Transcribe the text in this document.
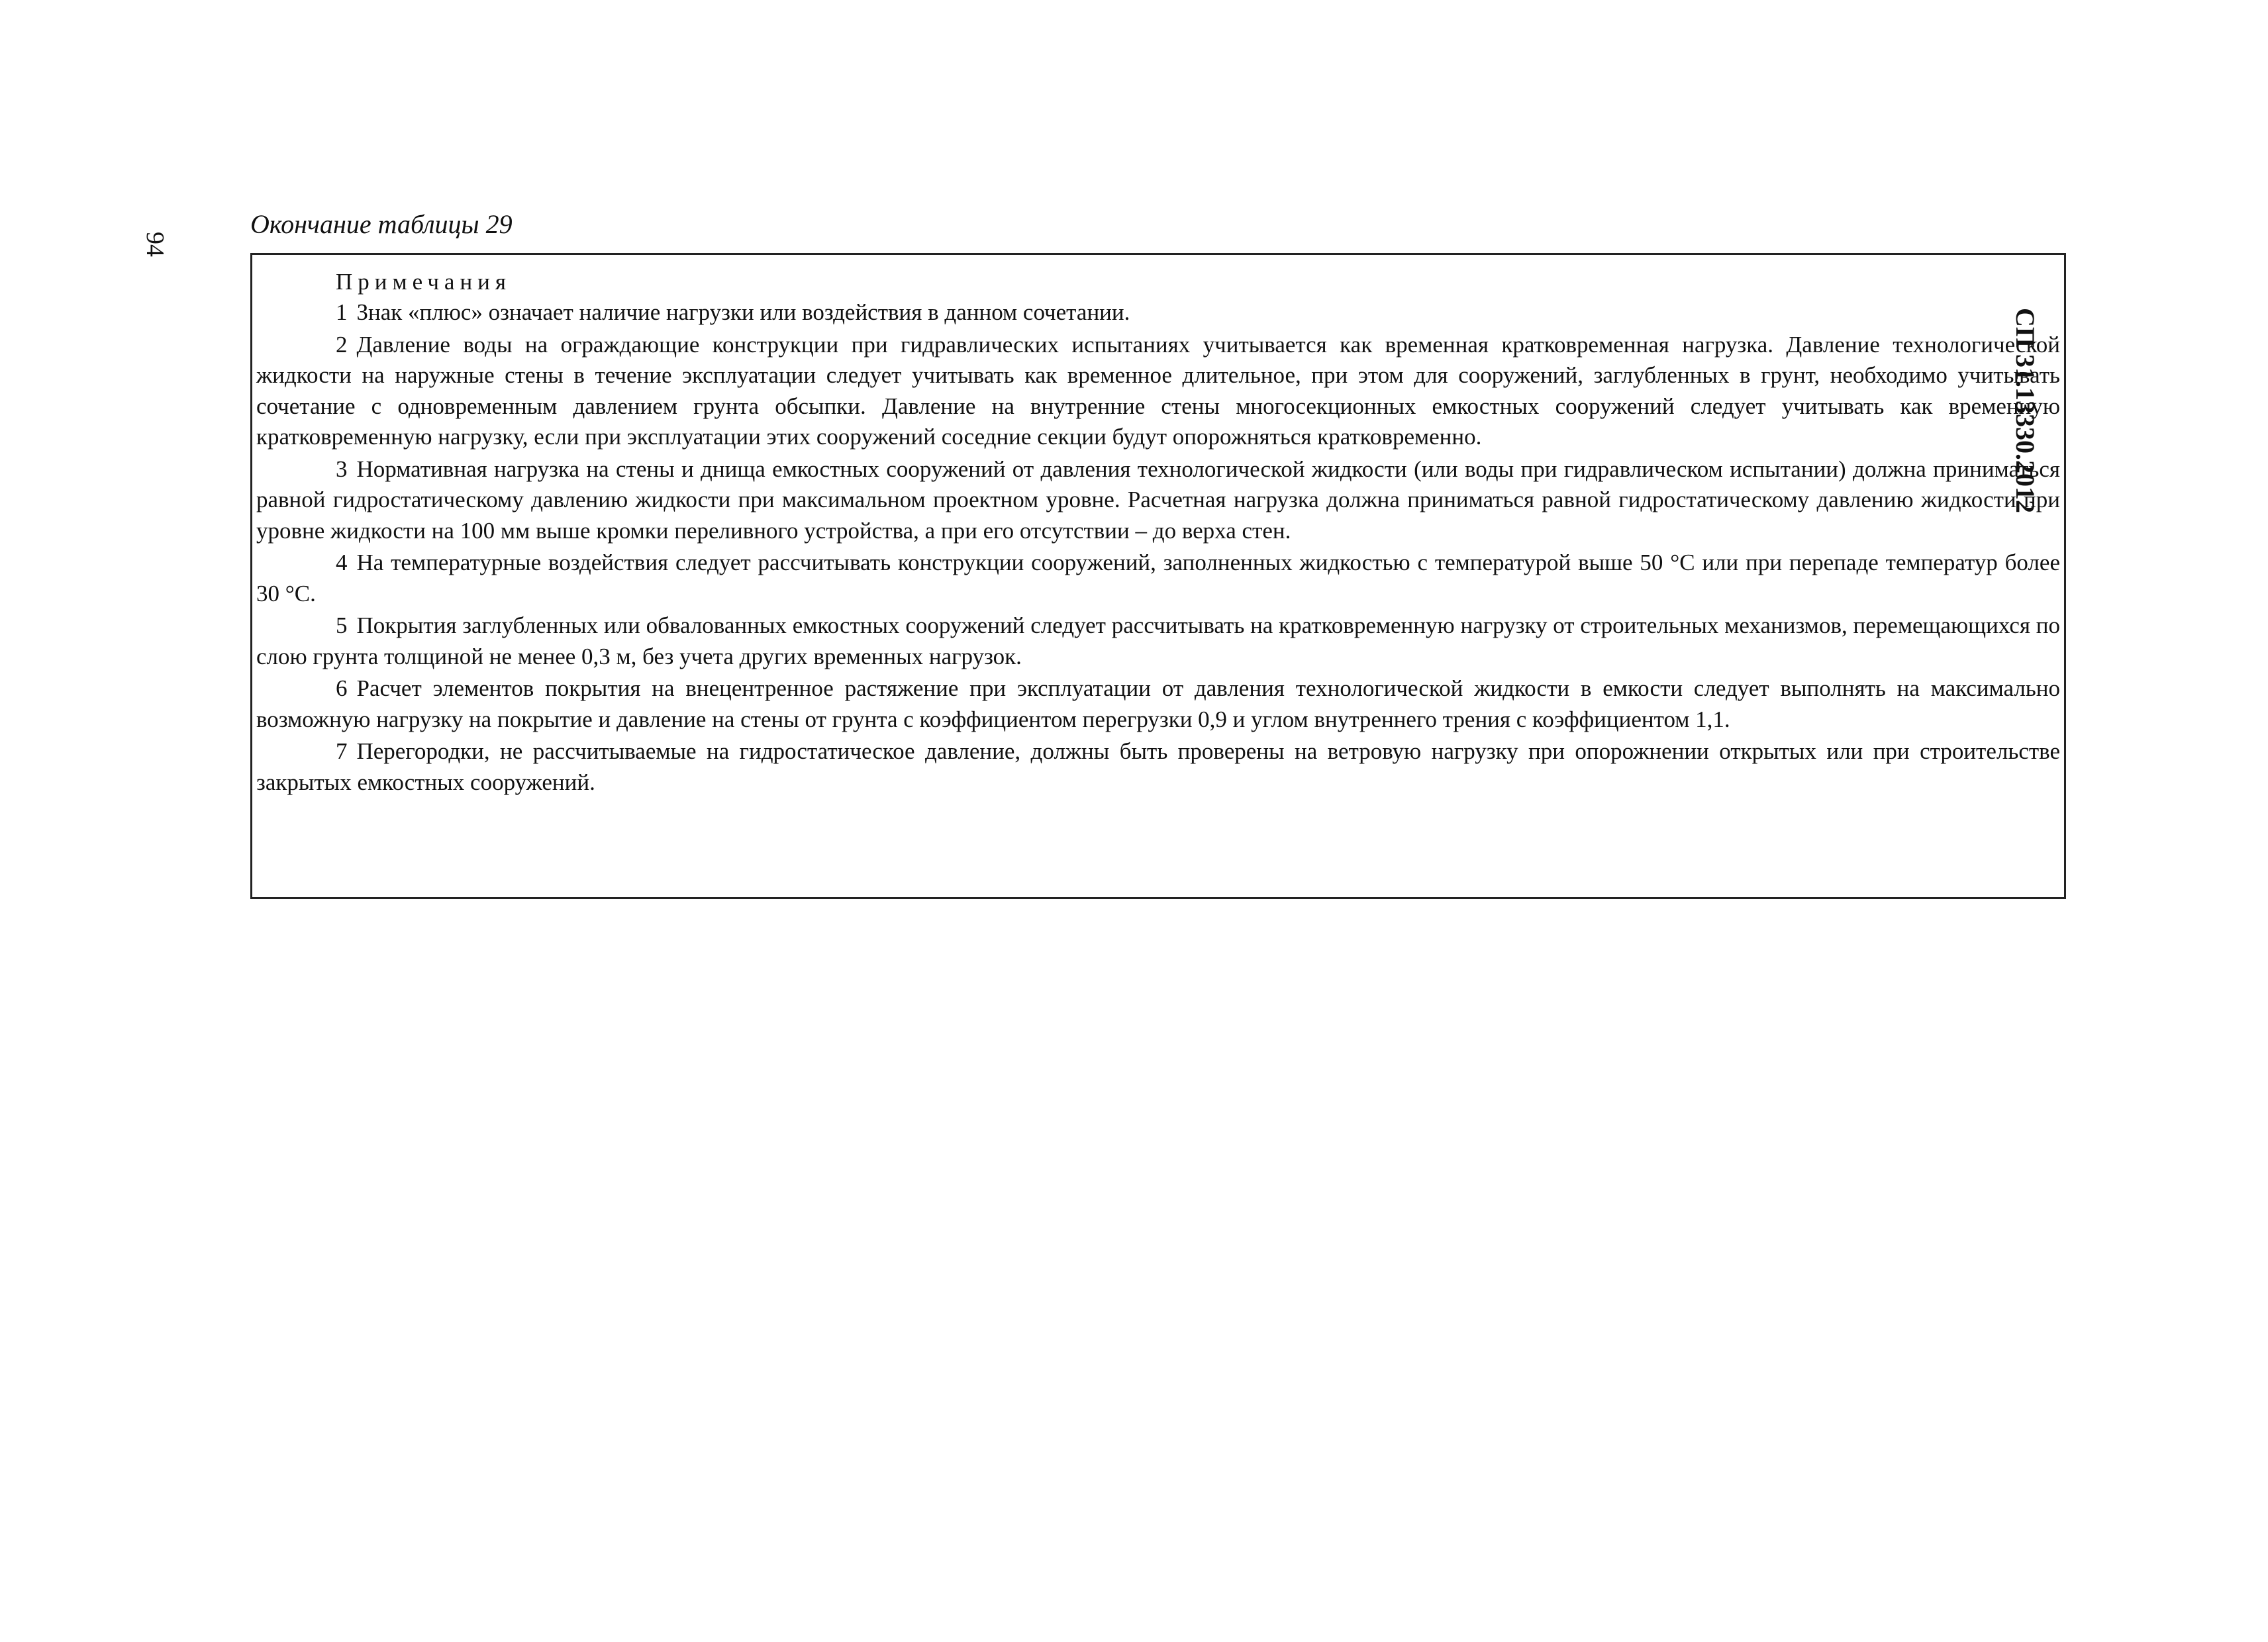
94
СП 31.13330.2012
Окончание таблицы 29
Примечания

1 Знак «плюс» означает наличие нагрузки или воздействия в данном сочетании.

2 Давление воды на ограждающие конструкции при гидравлических испытаниях учитывается как временная кратковременная нагрузка. Давление технологической жидкости на наружные стены в течение эксплуатации следует учитывать как временное длительное, при этом для сооружений, заглубленных в грунт, необходимо учитывать сочетание с одновременным давлением грунта обсыпки. Давление на внутренние стены многосекционных емкостных сооружений следует учитывать как временную кратковременную нагрузку, если при эксплуатации этих сооружений соседние секции будут опорожняться кратковременно.

3 Нормативная нагрузка на стены и днища емкостных сооружений от давления технологической жидкости (или воды при гидравлическом испытании) должна приниматься равной гидростатическому давлению жидкости при максимальном проектном уровне. Расчетная нагрузка должна приниматься равной гидростатическому давлению жидкости при уровне жидкости на 100 мм выше кромки переливного устройства, а при его отсутствии – до верха стен.

4 На температурные воздействия следует рассчитывать конструкции сооружений, заполненных жидкостью с температурой выше 50 °С или при перепаде температур более 30 °С.

5 Покрытия заглубленных или обвалованных емкостных сооружений следует рассчитывать на кратковременную нагрузку от строительных механизмов, перемещающихся по слою грунта толщиной не менее 0,3 м, без учета других временных нагрузок.

6 Расчет элементов покрытия на внецентренное растяжение при эксплуатации от давления технологической жидкости в емкости следует выполнять на максимально возможную нагрузку на покрытие и давление на стены от грунта с коэффициентом перегрузки 0,9 и углом внутреннего трения с коэффициентом 1,1.

7 Перегородки, не рассчитываемые на гидростатическое давление, должны быть проверены на ветровую нагрузку при опорожнении открытых или при строительстве закрытых емкостных сооружений.
